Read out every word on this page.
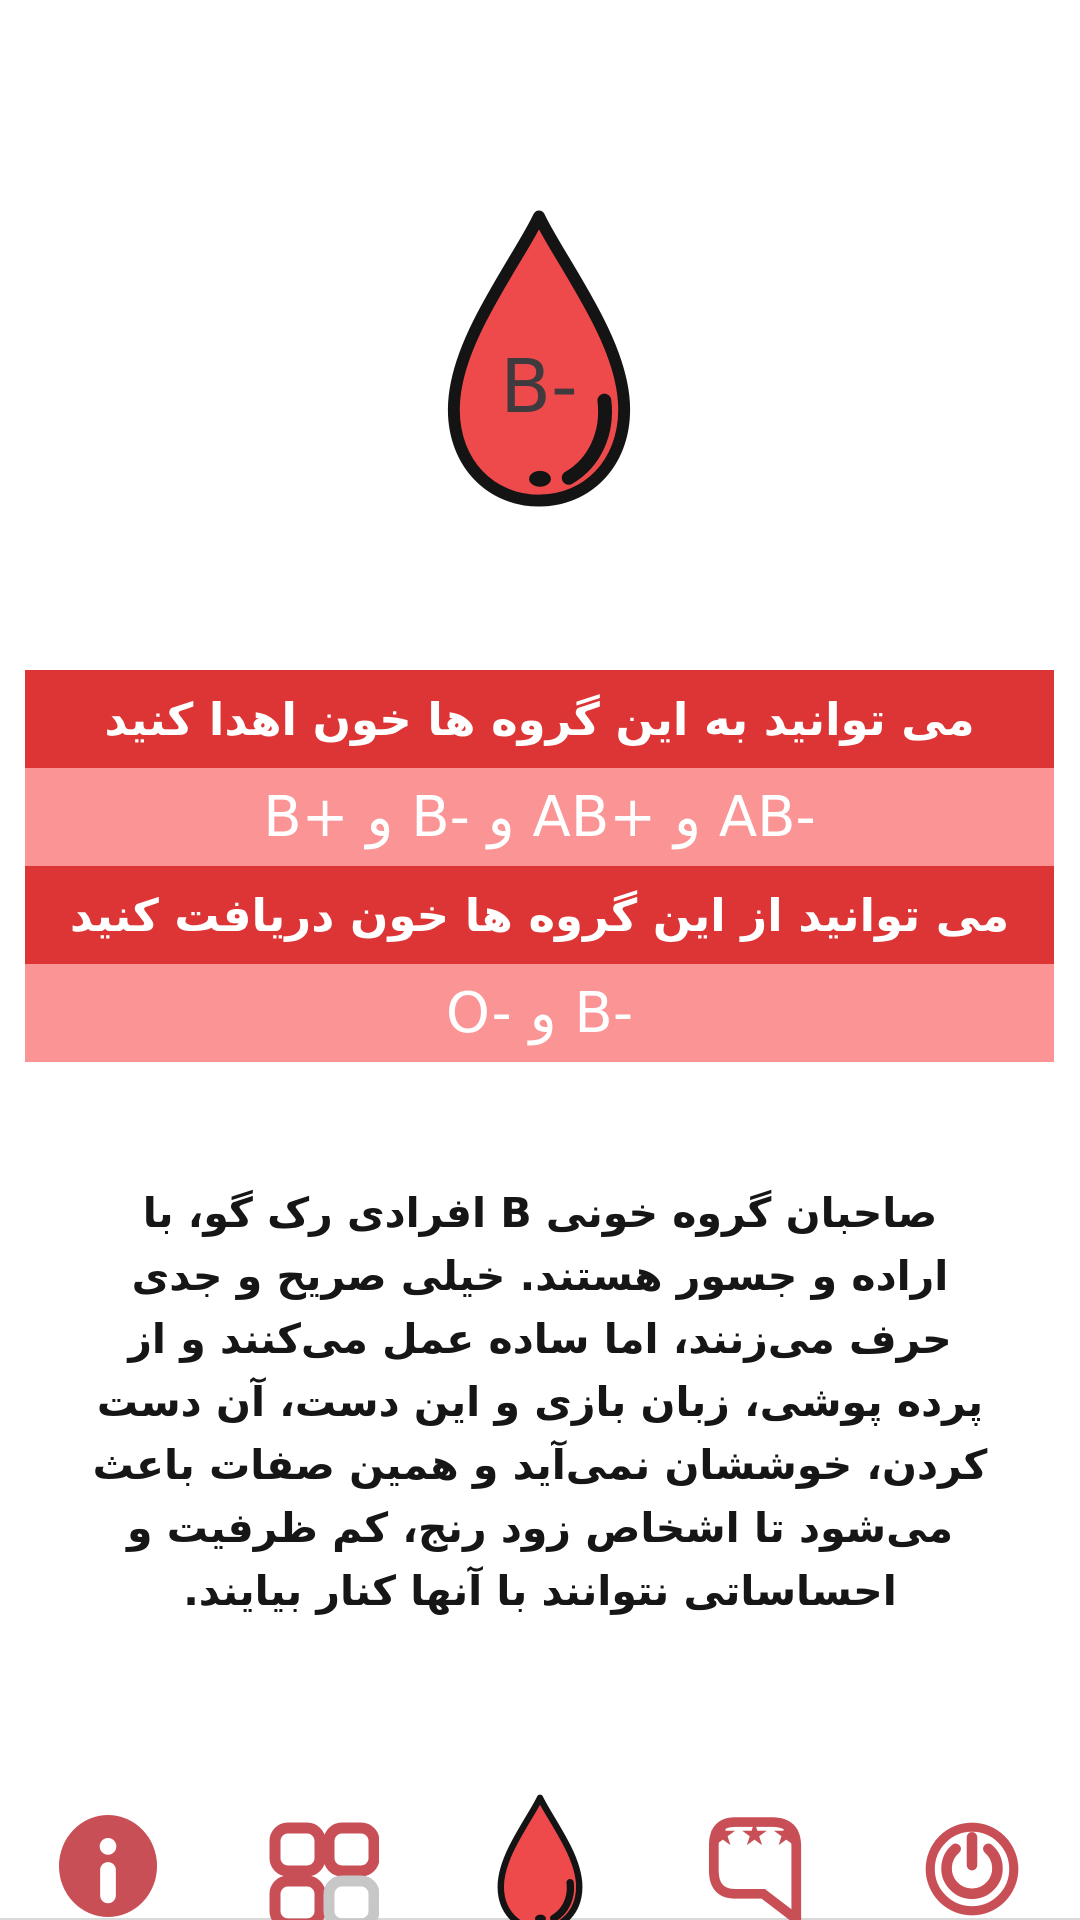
B-
می توانید به این گروه ها خون اهدا کنید
B+ و B- و AB+ و AB-
می توانید از این گروه ها خون دریافت کنید
O- و B-
صاحبان گروه خونی B افرادی رک گو، با اراده و جسور هستند. خیلی صریح و جدی حرف می‌زنند، اما ساده عمل می‌کنند و از پرده پوشی، زبان بازی و این دست، آن دست کردن، خوششان نمی‌آید و همین صفات باعث می‌شود تا اشخاص زود رنج، کم ظرفیت و احساساتی نتوانند با آنها کنار بیایند.
★★★
